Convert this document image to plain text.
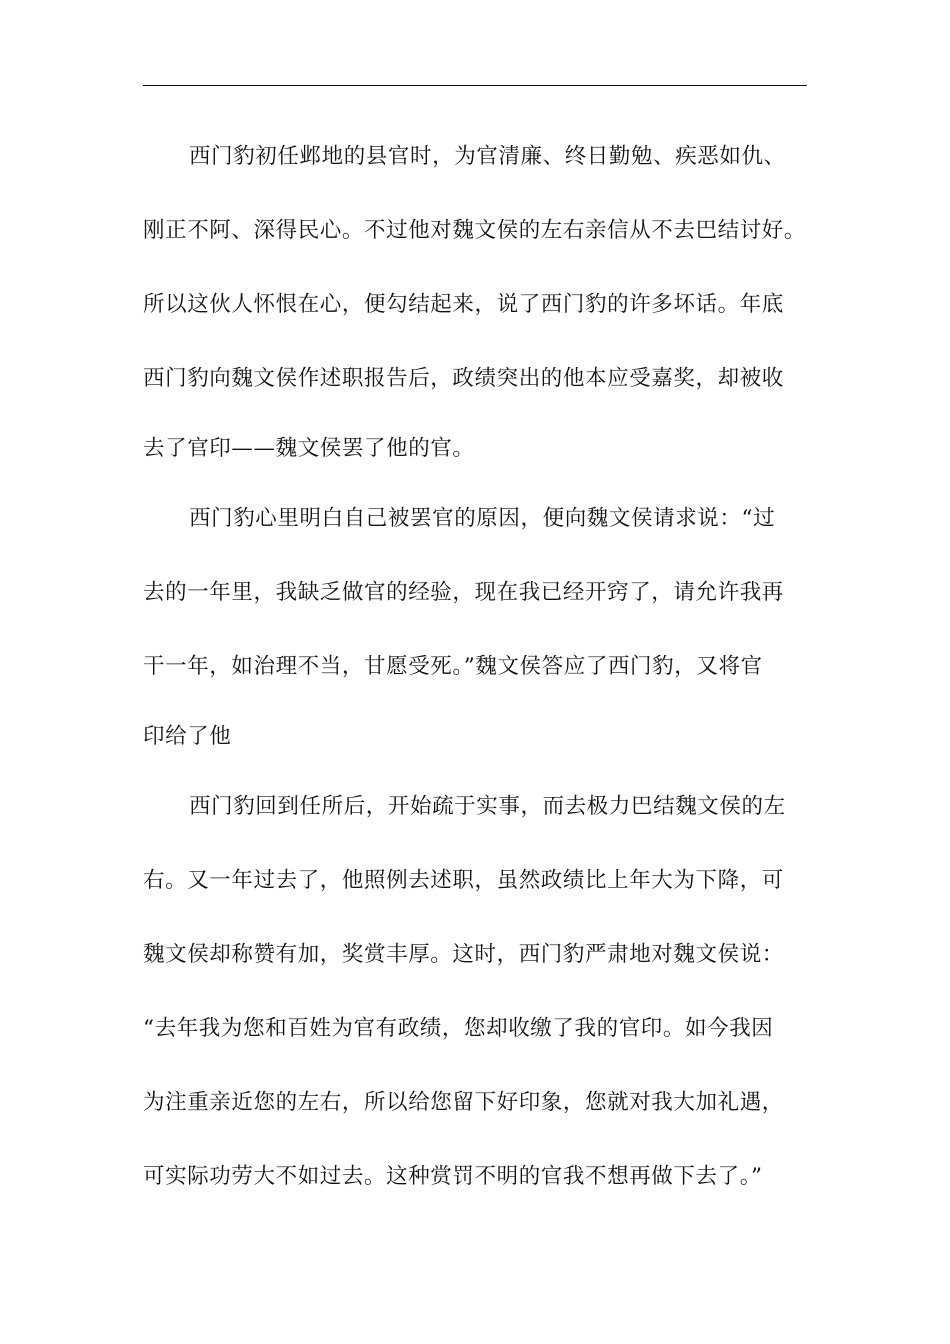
西门豹初任邺地的县官时，为官清廉、终日勤勉、疾恶如仇、
刚正不阿、深得民心。不过他对魏文侯的左右亲信从不去巴结讨好。
所以这伙人怀恨在心，便勾结起来，说了西门豹的许多坏话。年底
西门豹向魏文侯作述职报告后，政绩突出的他本应受嘉奖，却被收
去了官印——魏文侯罢了他的官。
西门豹心里明白自己被罢官的原因，便向魏文侯请求说：“过
去的一年里，我缺乏做官的经验，现在我已经开窍了，请允许我再
干一年，如治理不当，甘愿受死。”魏文侯答应了西门豹，又将官
印给了他
西门豹回到任所后，开始疏于实事，而去极力巴结魏文侯的左
右。又一年过去了，他照例去述职，虽然政绩比上年大为下降，可
魏文侯却称赞有加，奖赏丰厚。这时，西门豹严肃地对魏文侯说：
“去年我为您和百姓为官有政绩，您却收缴了我的官印。如今我因
为注重亲近您的左右，所以给您留下好印象，您就对我大加礼遇，
可实际功劳大不如过去。这种赏罚不明的官我不想再做下去了。”
